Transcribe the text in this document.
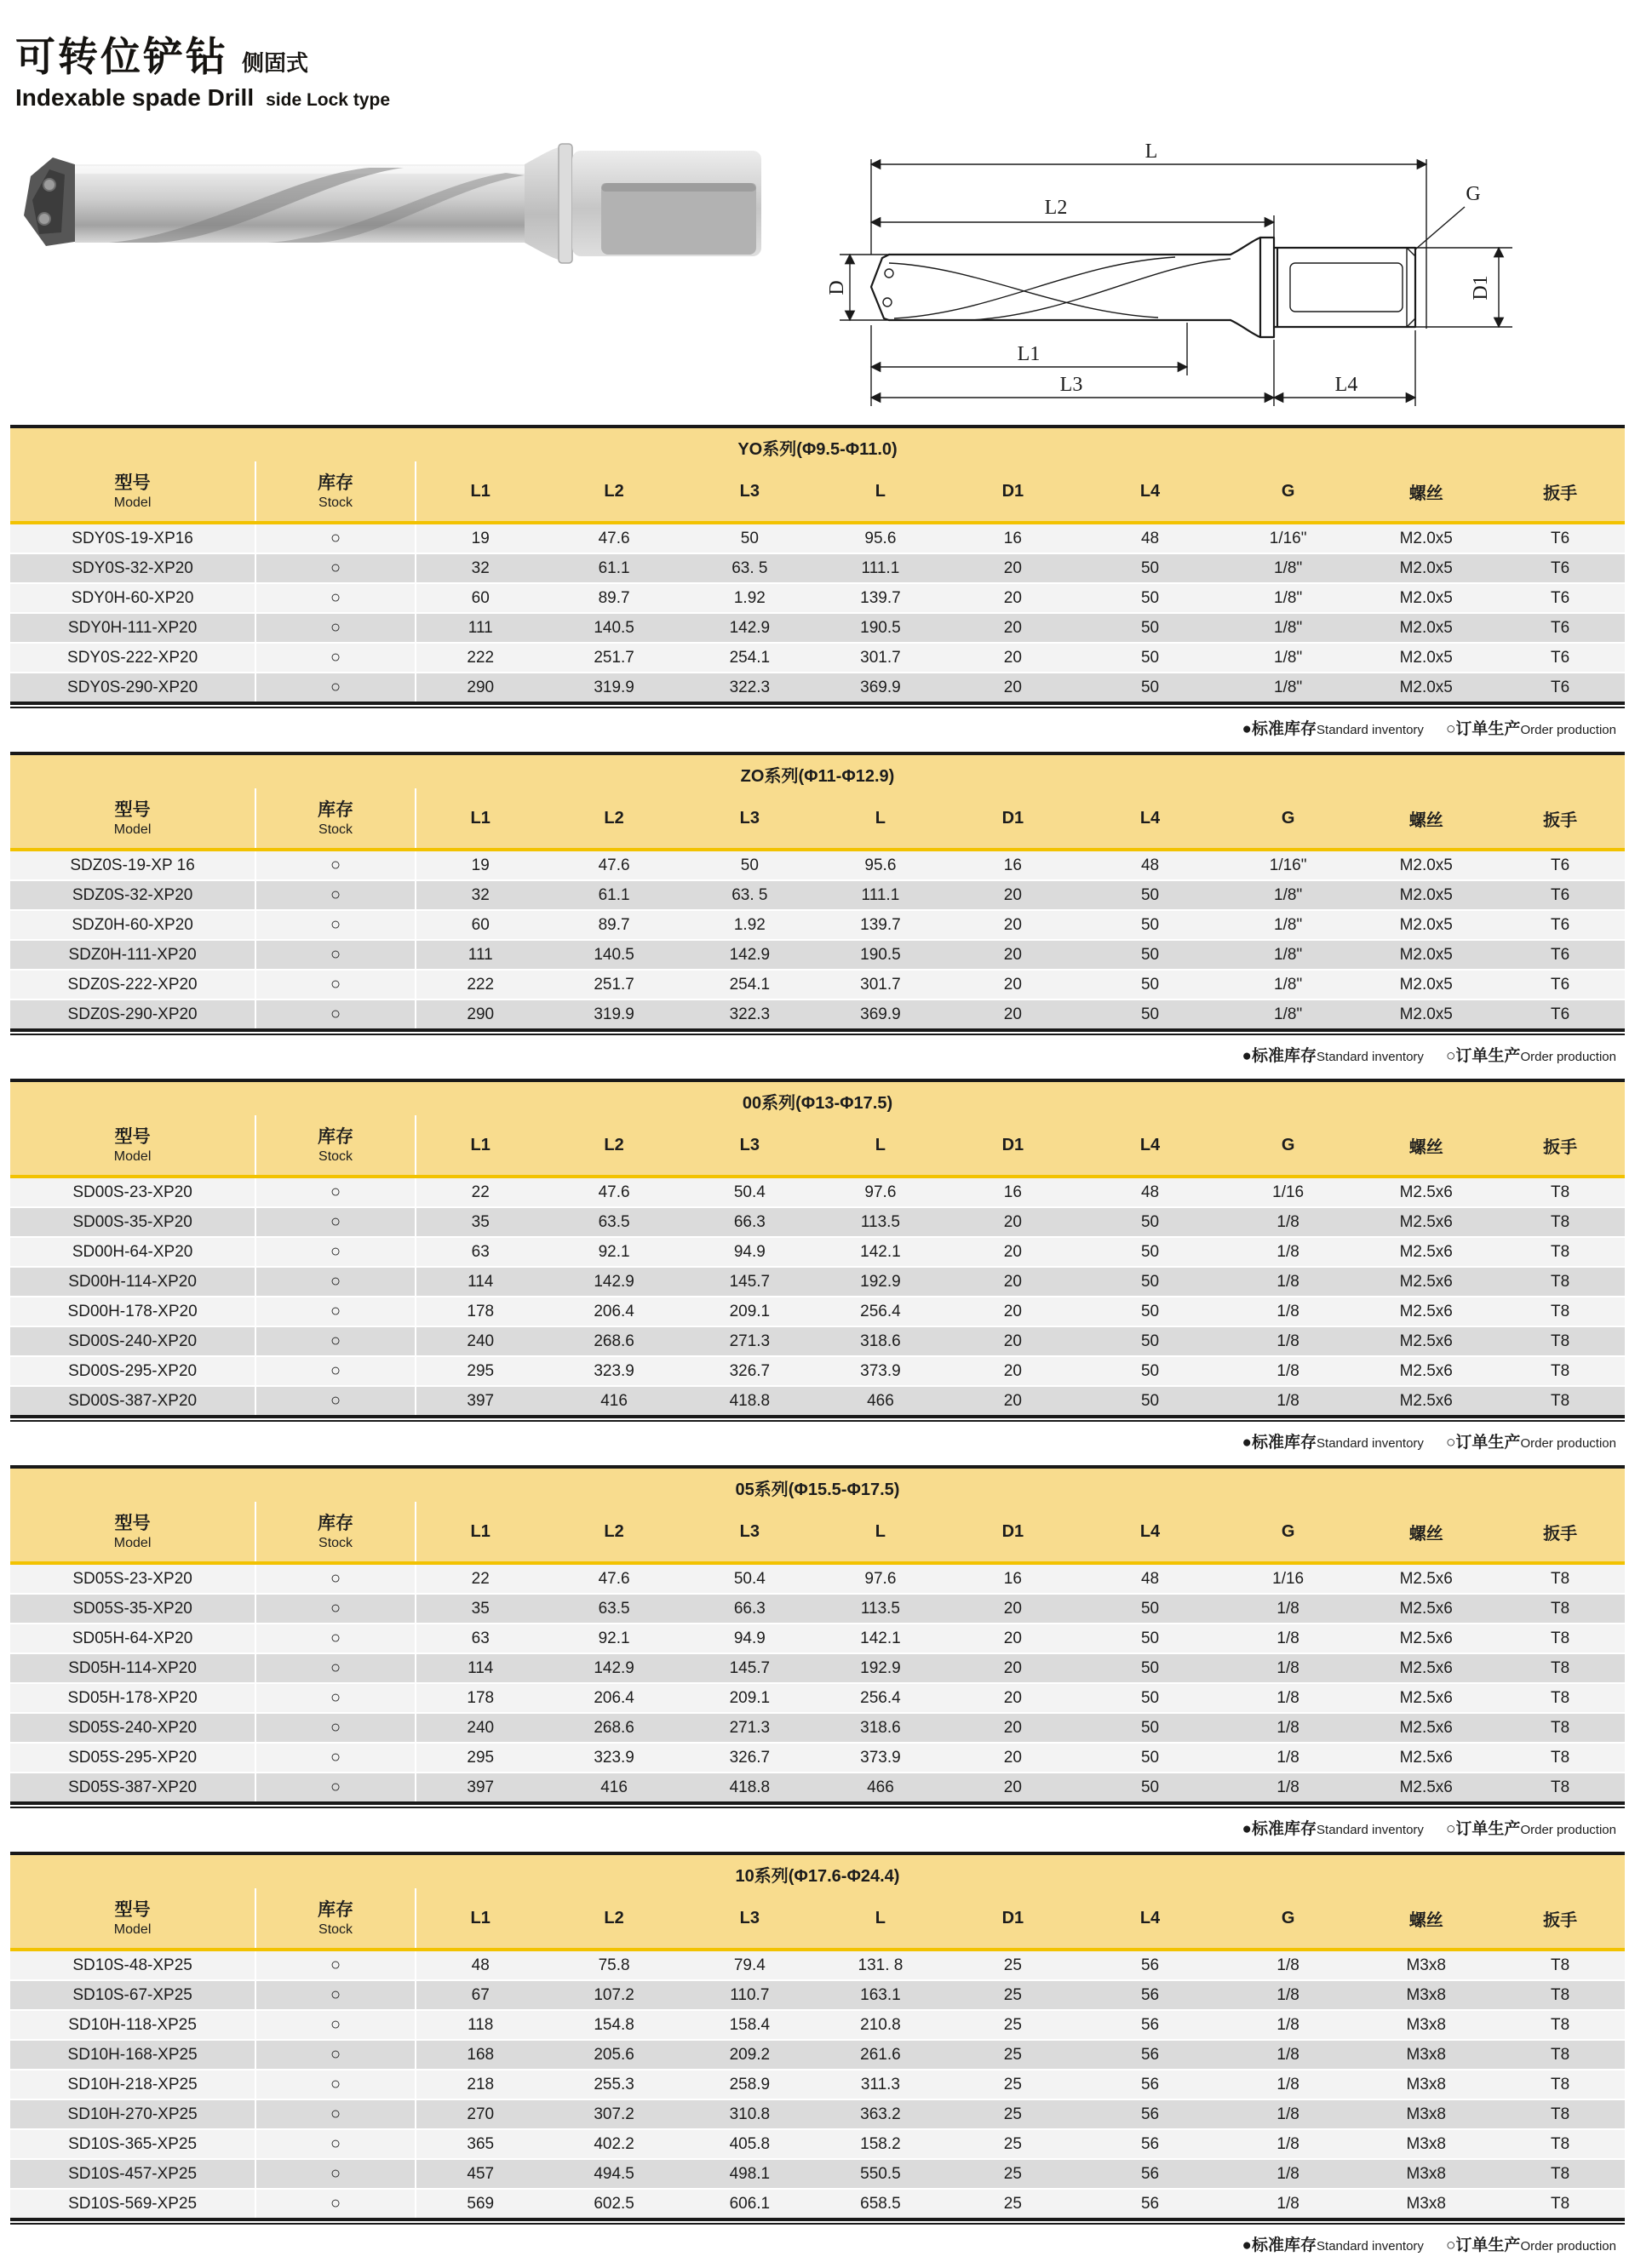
可转位铲钻 侧固式
Indexable spade Drill side Lock type
L
L2
G
D
L1
L3	L4
D1
YO系列(Φ9.5-Φ11.0)										

型号
Model	库存
Stock	L1	L2	L3	L	D1	L4	G	螺丝	扳手
SDY0S-19-XP16	○	19	47.6	50	95.6	16	48	1/16"	M2.0x5	T6
SDY0S-32-XP20	○	32	61.1	63. 5	111.1	20	50	1/8"	M2.0x5	T6
SDY0H-60-XP20	○	60	89.7	1.92	139.7	20	50	1/8"	M2.0x5	T6
SDY0H-111-XP20	○	111	140.5	142.9	190.5	20	50	1/8"	M2.0x5	T6
SDY0S-222-XP20	○	222	251.7	254.1	301.7	20	50	1/8"	M2.0x5	T6
SDY0S-290-XP20	○	290	319.9	322.3	369.9	20	50	1/8"	M2.0x5	T6
●标准库存Standard inventory ○订单生产Order production
ZO系列(Φ11-Φ12.9)										

型号
Model	库存
Stock	L1	L2	L3	L	D1	L4	G	螺丝	扳手
SDZ0S-19-XP 16	○	19	47.6	50	95.6	16	48	1/16"	M2.0x5	T6
SDZ0S-32-XP20	○	32	61.1	63. 5	111.1	20	50	1/8"	M2.0x5	T6
SDZ0H-60-XP20	○	60	89.7	1.92	139.7	20	50	1/8"	M2.0x5	T6
SDZ0H-111-XP20	○	111	140.5	142.9	190.5	20	50	1/8"	M2.0x5	T6
SDZ0S-222-XP20	○	222	251.7	254.1	301.7	20	50	1/8"	M2.0x5	T6
SDZ0S-290-XP20	○	290	319.9	322.3	369.9	20	50	1/8"	M2.0x5	T6
●标准库存Standard inventory ○订单生产Order production
00系列(Φ13-Φ17.5)										

型号
Model	库存
Stock	L1	L2	L3	L	D1	L4	G	螺丝	扳手
SD00S-23-XP20	○	22	47.6	50.4	97.6	16	48	1/16	M2.5x6	T8
SD00S-35-XP20	○	35	63.5	66.3	113.5	20	50	1/8	M2.5x6	T8
SD00H-64-XP20	○	63	92.1	94.9	142.1	20	50	1/8	M2.5x6	T8
SD00H-114-XP20	○	114	142.9	145.7	192.9	20	50	1/8	M2.5x6	T8
SD00H-178-XP20	○	178	206.4	209.1	256.4	20	50	1/8	M2.5x6	T8
SD00S-240-XP20	○	240	268.6	271.3	318.6	20	50	1/8	M2.5x6	T8
SD00S-295-XP20	○	295	323.9	326.7	373.9	20	50	1/8	M2.5x6	T8
SD00S-387-XP20	○	397	416	418.8	466	20	50	1/8	M2.5x6	T8
●标准库存Standard inventory ○订单生产Order production
05系列(Φ15.5-Φ17.5)										

型号
Model	库存
Stock	L1	L2	L3	L	D1	L4	G	螺丝	扳手
SD05S-23-XP20	○	22	47.6	50.4	97.6	16	48	1/16	M2.5x6	T8
SD05S-35-XP20	○	35	63.5	66.3	113.5	20	50	1/8	M2.5x6	T8
SD05H-64-XP20	○	63	92.1	94.9	142.1	20	50	1/8	M2.5x6	T8
SD05H-114-XP20	○	114	142.9	145.7	192.9	20	50	1/8	M2.5x6	T8
SD05H-178-XP20	○	178	206.4	209.1	256.4	20	50	1/8	M2.5x6	T8
SD05S-240-XP20	○	240	268.6	271.3	318.6	20	50	1/8	M2.5x6	T8
SD05S-295-XP20	○	295	323.9	326.7	373.9	20	50	1/8	M2.5x6	T8
SD05S-387-XP20	○	397	416	418.8	466	20	50	1/8	M2.5x6	T8
●标准库存Standard inventory ○订单生产Order production
10系列(Φ17.6-Φ24.4)										

型号
Model	库存
Stock	L1	L2	L3	L	D1	L4	G	螺丝	扳手
SD10S-48-XP25	○	48	75.8	79.4	131. 8	25	56	1/8	M3x8	T8
SD10S-67-XP25	○	67	107.2	110.7	163.1	25	56	1/8	M3x8	T8
SD10H-118-XP25	○	118	154.8	158.4	210.8	25	56	1/8	M3x8	T8
SD10H-168-XP25	○	168	205.6	209.2	261.6	25	56	1/8	M3x8	T8
SD10H-218-XP25	○	218	255.3	258.9	311.3	25	56	1/8	M3x8	T8
SD10H-270-XP25	○	270	307.2	310.8	363.2	25	56	1/8	M3x8	T8
SD10S-365-XP25	○	365	402.2	405.8	158.2	25	56	1/8	M3x8	T8
SD10S-457-XP25	○	457	494.5	498.1	550.5	25	56	1/8	M3x8	T8
SD10S-569-XP25	○	569	602.5	606.1	658.5	25	56	1/8	M3x8	T8
●标准库存Standard inventory ○订单生产Order production
